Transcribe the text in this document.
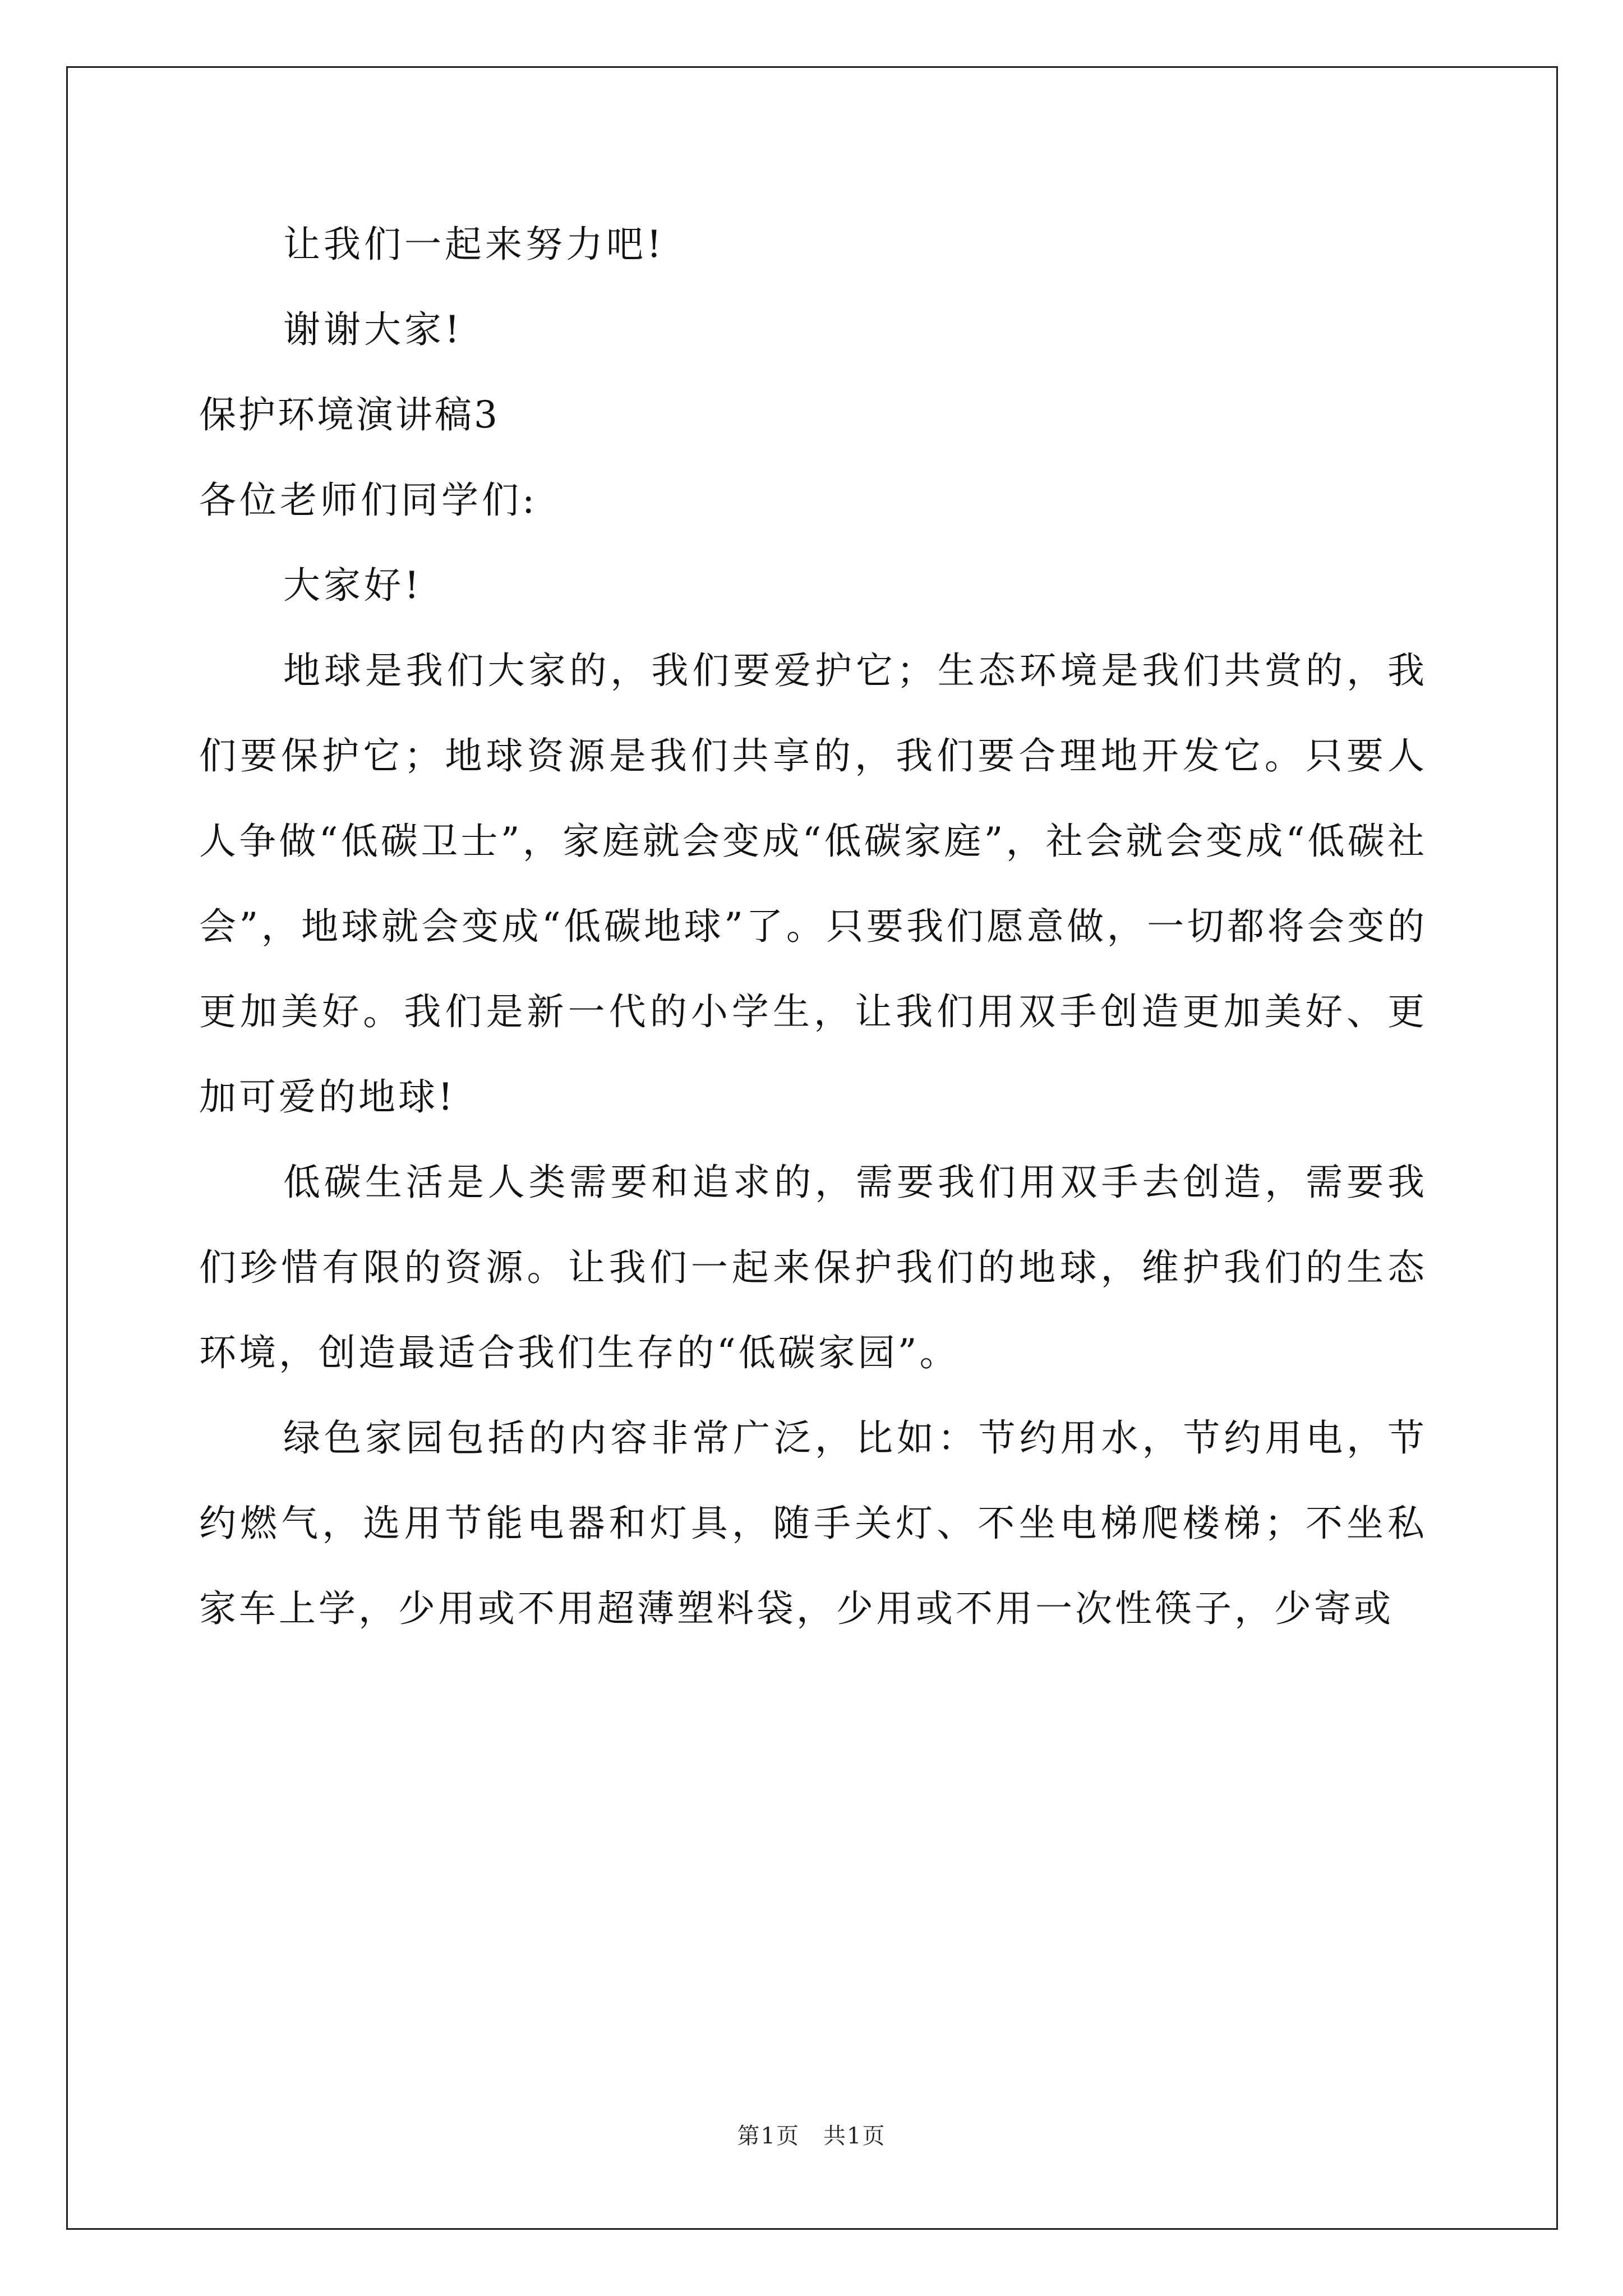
让我们一起来努力吧!
谢谢大家!
保护环境演讲稿3
各位老师们同学们:
大家好!

地球是我们大家的，我们要爱护它；生态环境是我们共赏的，我们要保护它；地球资源是我们共享的，我们要合理地开发它。只要人人争做“低碳卫士”，家庭就会变成“低碳家庭”，社会就会变成“低碳社会”，地球就会变成“低碳地球”了。只要我们愿意做，一切都将会变的更加美好。我们是新一代的小学生，让我们用双手创造更加美好、更加可爱的地球!

低碳生活是人类需要和追求的，需要我们用双手去创造，需要我们珍惜有限的资源。让我们一起来保护我们的地球，维护我们的生态环境，创造最适合我们生存的“低碳家园”。

绿色家园包括的内容非常广泛，比如：节约用水，节约用电，节约燃气，选用节能电器和灯具，随手关灯、不坐电梯爬楼梯；不坐私家车上学，少用或不用超薄塑料袋，少用或不用一次性筷子，少寄或

第1页　共1页
